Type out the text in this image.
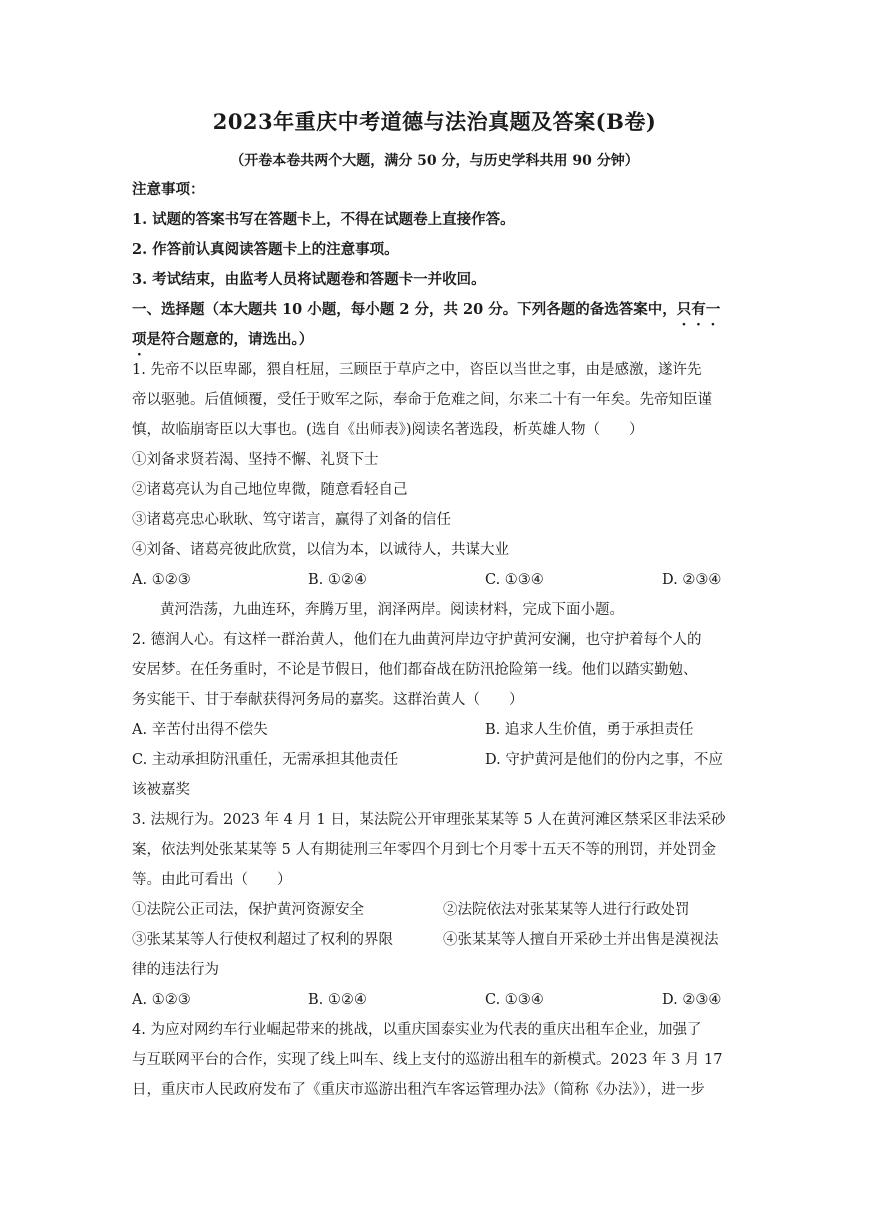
2023年重庆中考道德与法治真题及答案(B卷)
（开卷本卷共两个大题，满分 50 分，与历史学科共用 90 分钟）
注意事项：
1. 试题的答案书写在答题卡上，不得在试题卷上直接作答。
2. 作答前认真阅读答题卡上的注意事项。
3. 考试结束，由监考人员将试题卷和答题卡一并收回。
一、选择题（本大题共 10 小题，每小题 2 分，共 20 分。下列各题的备选答案中，只有一
项是符合题意的，请选出。）
1. 先帝不以臣卑鄙，猥自枉屈，三顾臣于草庐之中，咨臣以当世之事，由是感激，遂许先
帝以驱驰。后值倾覆，受任于败军之际，奉命于危难之间，尔来二十有一年矣。先帝知臣谨
慎，故临崩寄臣以大事也。(选自《出师表》)阅读名著选段，析英雄人物（　　）
①刘备求贤若渴、坚持不懈、礼贤下士
②诸葛亮认为自己地位卑微，随意看轻自己
③诸葛亮忠心耿耿、笃守诺言，赢得了刘备的信任
④刘备、诸葛亮彼此欣赏，以信为本，以诚待人，共谋大业
A. ①②③	B. ①②④	C. ①③④	D. ②③④
黄河浩荡，九曲连环，奔腾万里，润泽两岸。阅读材料，完成下面小题。
2. 德润人心。有这样一群治黄人，他们在九曲黄河岸边守护黄河安澜，也守护着每个人的
安居梦。在任务重时，不论是节假日，他们都奋战在防汛抢险第一线。他们以踏实勤勉、
务实能干、甘于奉献获得河务局的嘉奖。这群治黄人（　　）
A. 辛苦付出得不偿失	B. 追求人生价值，勇于承担责任
C. 主动承担防汛重任，无需承担其他责任	D. 守护黄河是他们的份内之事，不应
该被嘉奖
3. 法规行为。2023 年 4 月 1 日，某法院公开审理张某某等 5 人在黄河滩区禁采区非法采砂
案，依法判处张某某等 5 人有期徒刑三年零四个月到七个月零十五天不等的刑罚，并处罚金
等。由此可看出（　　）
①法院公正司法，保护黄河资源安全	②法院依法对张某某等人进行行政处罚
③张某某等人行使权利超过了权利的界限	④张某某等人擅自开采砂土并出售是漠视法
律的违法行为
A. ①②③	B. ①②④	C. ①③④	D. ②③④
4. 为应对网约车行业崛起带来的挑战，以重庆国泰实业为代表的重庆出租车企业，加强了
与互联网平台的合作，实现了线上叫车、线上支付的巡游出租车的新模式。2023 年 3 月 17
日，重庆市人民政府发布了《重庆市巡游出租汽车客运管理办法》（简称《办法》），进一步
